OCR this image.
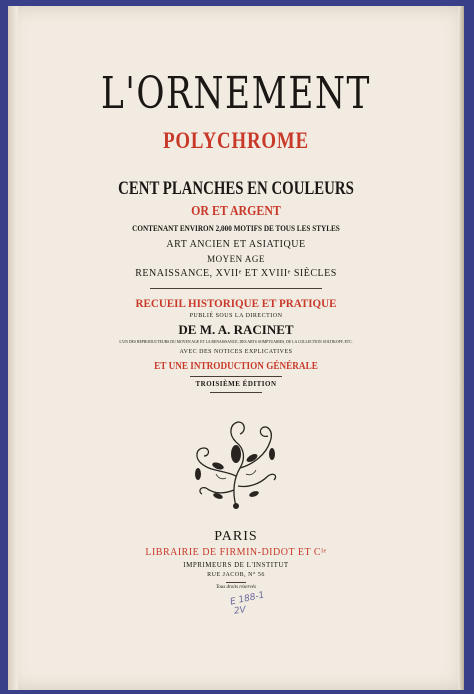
L'ORNEMENT
POLYCHROME
CENT PLANCHES EN COULEURS
OR ET ARGENT
CONTENANT ENVIRON 2,000 MOTIFS DE TOUS LES STYLES
ART ANCIEN ET ASIATIQUE
MOYEN AGE
RENAISSANCE, XVIIᵉ ET XVIIIᵉ SIÈCLES
RECUEIL HISTORIQUE ET PRATIQUE
PUBLIÉ SOUS LA DIRECTION
DE M. A. RACINET
L'UN DES REPRODUCTEURS DU MOYEN AGE ET LA RENAISSANCE, DES ARTS SOMPTUAIRES, DE LA COLLECTION SOLTIKOFF, ETC.
AVEC DES NOTICES EXPLICATIVES
ET UNE INTRODUCTION GÉNÉRALE
TROISIÈME ÉDITION
PARIS
LIBRAIRIE DE FIRMIN-DIDOT ET Cᴵᵉ
IMPRIMEURS DE L'INSTITUT
RUE JACOB, N° 56
Tous droits réservés
E 188-1
2V
